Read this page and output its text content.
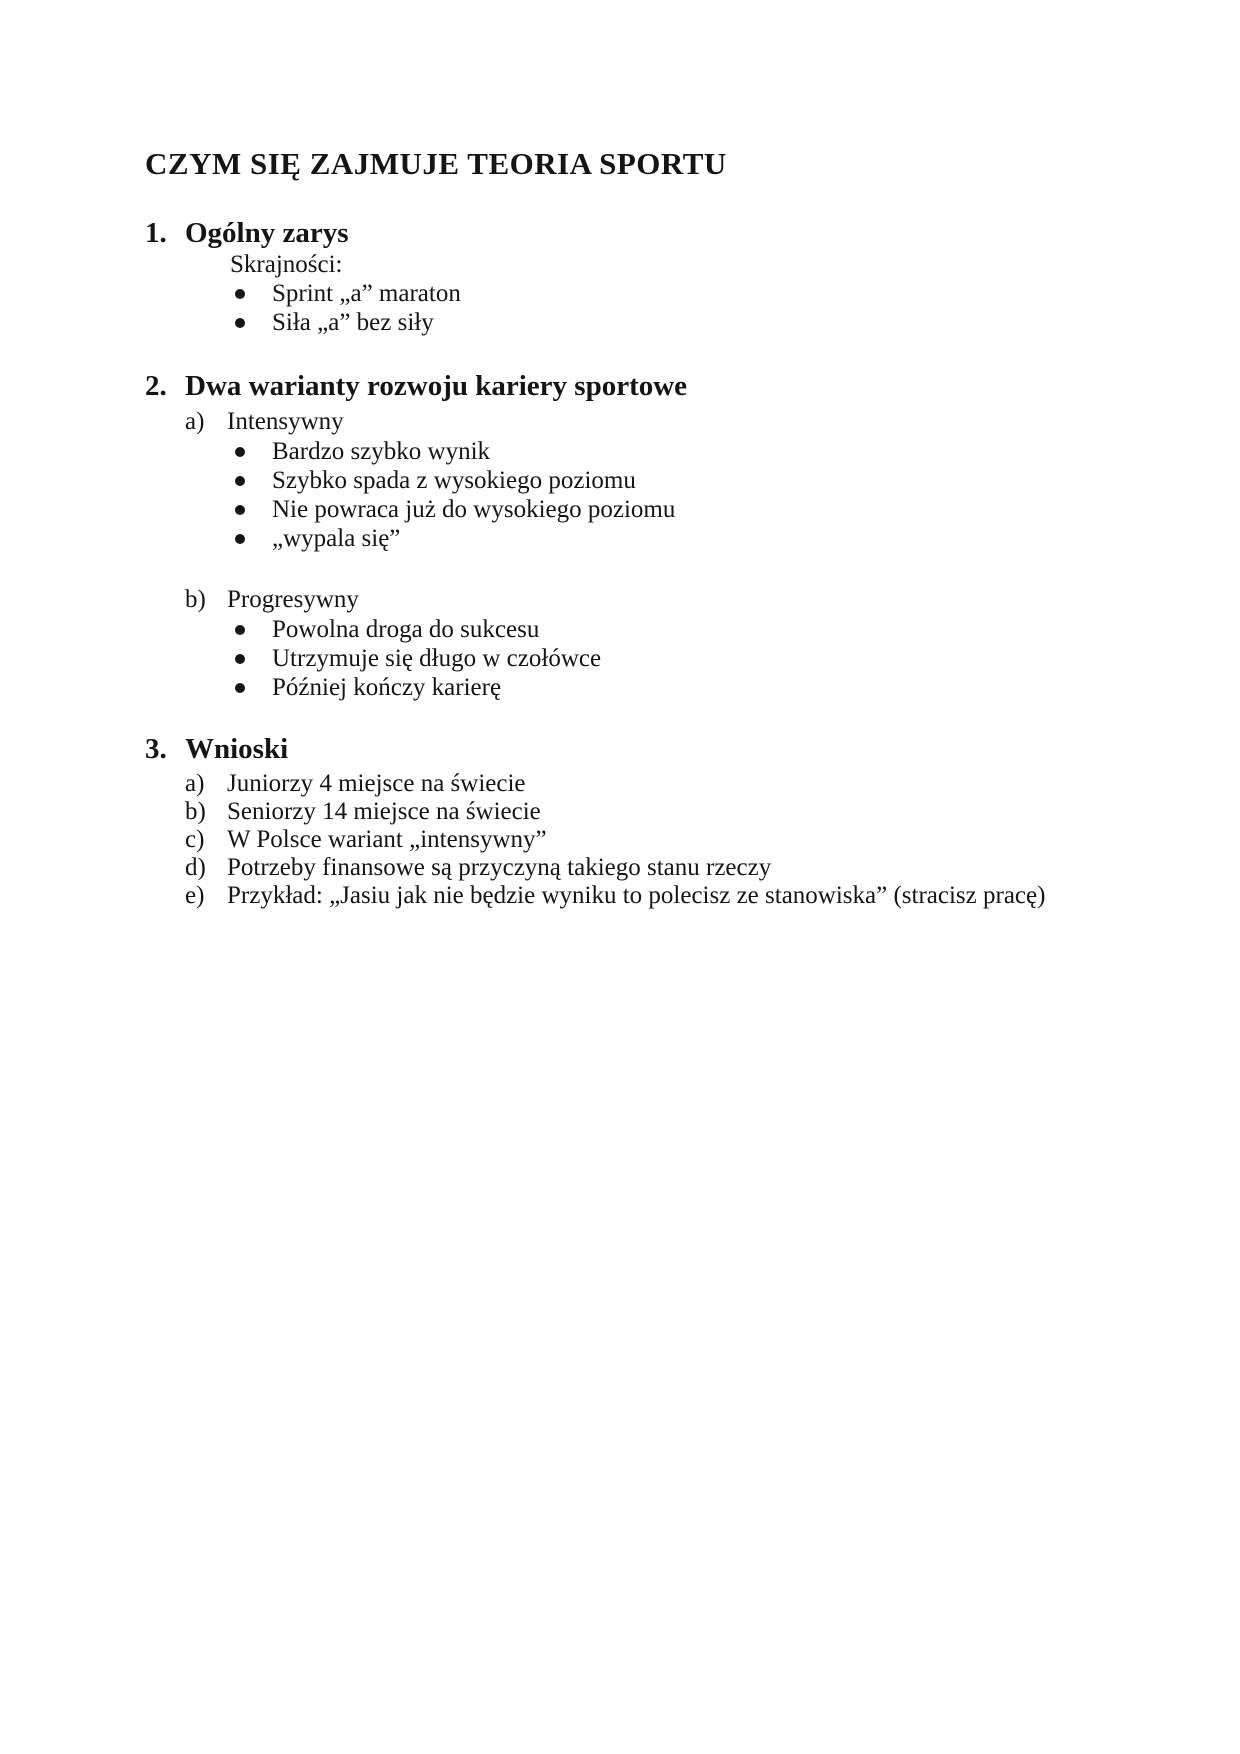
CZYM SIĘ ZAJMUJE TEORIA SPORTU
1. Ogólny zarys
Skrajności:
Sprint „a” maraton
Siła „a” bez siły
2. Dwa warianty rozwoju kariery sportowe
a) Intensywny
Bardzo szybko wynik
Szybko spada z wysokiego poziomu
Nie powraca już do wysokiego poziomu
„wypala się”
b) Progresywny
Powolna droga do sukcesu
Utrzymuje się długo w czołówce
Później kończy karierę
3. Wnioski
a) Juniorzy 4 miejsce na świecie
b) Seniorzy 14 miejsce na świecie
c) W Polsce wariant „intensywny”
d) Potrzeby finansowe są przyczyną takiego stanu rzeczy
e) Przykład: „Jasiu jak nie będzie wyniku to polecisz ze stanowiska” (stracisz pracę)
